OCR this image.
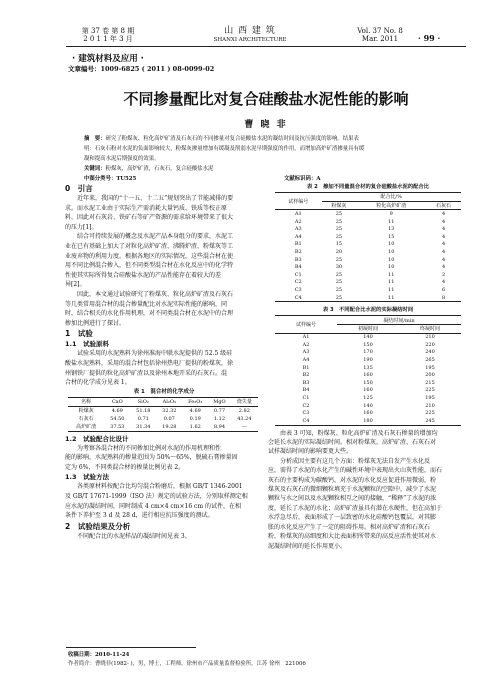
第 37 卷 第 8 期
2 0 1 1 年 3 月
山 西 建 筑
SHANXI ARCHITECTURE
Vol. 37 No. 8
Mar. 2011	· 99 ·
· 建筑材料及应用 ·
文章编号：1009-6825 ( 2011 ) 08-0099-02
不同掺量配比对复合硅酸盐水泥性能的影响
曹 晓 非
摘　要：研究了粉煤灰、粒化高炉矿渣及石灰石的不同掺量对复合硅酸盐水泥的凝结时间及抗压强度的影响。结果表
明：石灰石粉对水泥的负面影响较大，粉煤灰掺量增加有缓凝及削弱水泥早期强度的作用，而增加高炉矿渣掺量具有缓
凝和提高水泥后期强度的效果。
关键词：粉煤灰，高炉矿渣，石灰石，复合硅酸盐水泥
中图分类号：TU525	文献标识码：A
0　引言
　　近年来，我国的“十一五、十二五”规划突出了节能减排的要
求。而水泥工业由于实际生产需消耗大量钙质、铁质等校正原
料，因此对石灰岩、铁矿石等矿产资源的需求给环境带来了很大
的压力[1]。
　　结合可持续发展的概念及水泥产品本身组分的要求，水泥工
业在已有基础上加大了对粒化高炉矿渣、沸腾炉渣、粉煤灰等工
业废弃物的利用力度。根据各地区的实际情况，这些混合材在使
用不同比例混合掺入，但不同类型混合材在水化反应中的化学特
性使其实际所得复合硅酸盐水泥的产品性能存在着较大的差
异[2]。
　　因此，本文通过试验研究了粉煤灰、粒化高炉矿渣及石灰石
等几类常用混合材的混合掺量配比对水泥实际性能的影响，同
时，结合相关的水化作用机理，对不同类混合材在水泥中的合理
掺加比例进行了探讨。
1　试验
1.1　试验原料
　　试验采用的水泥熟料为徐州准海中联水泥提供的 52.5 级硅
酸盐水泥熟料，采用的混合材包括徐州热电厂提供的粉煤灰，徐
州钢铁厂提供的粒化高炉矿渣以及徐州本地开采的石灰石。混
合材的化学成分见表 1。
表 1　混合材的化学成分
名称	CaO	SiO₂	Al₂O₃	Fe₂O₃	MgO	烧失量
粉煤灰	4.69	51.18	32.32	4.69	0.77	2.82
石灰石	54.50	0.71	0.07	0.19	1.12	43.24
高炉矿渣	37.53	31.34	19.28	1.62	8.94	—
1.2　试验配合比设计
　　为考察各混合材的不同掺加比例对水泥的作用机理和性
能的影响，水泥熟料的掺量范围为 50%～65%，脱硫石膏掺量固
定为 6%，不同类混合材的掺量比例见表 2。
1.3　试验方法
　　各类原材料按配合比均匀混合粉磨后，根据 GB/T 1346-2001
及 GB/T 17671-1999（ISO 法）规定的试验方法，分别取样测定相
应水泥的凝结时间，同时制成 4 cm×4 cm×16 cm 的试件，在相
条件下养护至 3 d 及 28 d，进行相应抗压强度的测试。
2　试验结果及分析
　　不同配合比的水泥样品的凝结时间见表 3。
表 2　掺加不同量混合材的复合硅酸盐水泥的配合比
试样编号	配合比/%		
	粉煤灰	粒化高炉矿渣	石灰石
A1	25	9	4
A2	25	11	4
A3	25	13	4
A4	25	15	4
B1	15	10	4
B2	20	10	4
B3	25	10	4
B4	30	10	4
C1	25	11	2
C2	25	11	4
C3	25	11	6
C4	25	11	8
表 3　不同配合比水泥的实际凝结时间
试样编号	凝结时间/min	
	初凝时间	终凝时间
A1	140	210
A2	150	220
A3	170	240
A4	190	265
B1	135	195
B2	160	200
B3	150	215
B4	160	225
C1	125	195
C2	140	210
C3	160	225
C4	180	245
　　由表 3 可知，粉煤灰、粒化高炉矿渣及石灰石掺量的增加均
会延长水泥的实际凝结时间。相对粉煤灰，高炉矿渣、石灰石对
试样凝结时间的影响要更大些。
　　分析成因主要有这几个方面：粉煤灰无法自发产生水化反
应，需得了水泥的水化产生的碱性环境中表现出火山灰性能，而石
灰石的主要构成为碳酸钙，对水泥的水化反应促进作用微弱，粉
煤灰及石灰石的微细颗粒填充于水泥颗粒的空隙中，减少了水泥
颗粒与水之间以及水泥颗粒相互之间的接触，“稀释”了水泥的浓
度，延长了水泥的水化；高炉矿渣虽具有潜在水硬性，但在高加于
水浮急尽后，表面形成了一层致密的水化硅酸钙包覆层，对其膨
胀的水化反应产生了一定的阻碍作用。相对高炉矿渣和石灰石
粉，粉煤灰的高细度和大比表面积所带来的高反应活性使其对水
泥凝结时间的延长作用更小。
收稿日期：2010-11-24
作者简介：曹晓非(1982- )，男，博士，工程师，徐州市产品质量监督检验所，江苏 徐州　221006
